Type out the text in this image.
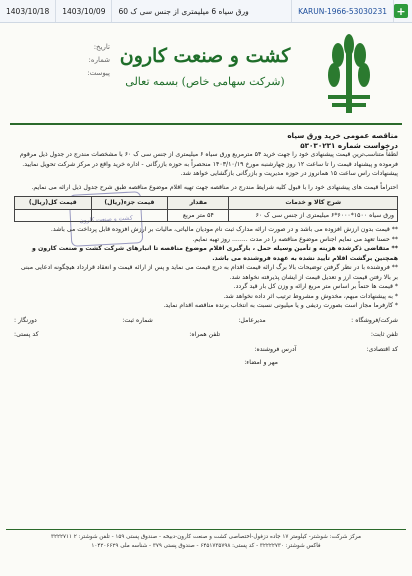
1403/10/18	1403/10/09	ورق سیاه 6 میلیمتری از جنس سی ک 60	KARUN-1966-53030231 +
تاریخ:
شماره:
پیوست:
کشت و صنعت کارون
(شرکت سهامی خاص) بسمه تعالی
کشت و صنعت کارون
مناقصه عمومی خرید ورق سیاه
درخواست شماره ۵۳۰۳۰۲۳۱
لطفاً متناسب‌ترین قیمت پیشنهادی خود را جهت خرید ۵۴ مترمربع ورق سیاه ۶ میلیمتری از جنس سی ک ۶۰ با مشخصات مندرج در جدول ذیل مرقوم فرموده و پیشنهاد قیمت را تا ساعت ۱۲ روز چهارشنبه مورخ ۱۴۰۳/۱۰/۱۹ منحصراً به حوزه بازرگانی - اداره خرید واقع در مرکز شرکت تحویل نمایید. پیشنهادات راس ساعت ۱۵ همانروز در حوزه مدیریت و بازرگانی بازگشایی خواهد شد.
احتراماً قیمت های پیشنهادی خود را با قبول کلیه شرایط مندرج در مناقصه جهت تهیه اقلام موضوع مناقصه طبق شرح جدول ذیل ارائه می نمایم.
شرح کالا و خدمات	مقدار	قیمت جزء(ریال)	قیمت کل(ریال)
ورق سیاه ۱۵۰۰*۶۰۰۰*۶ میلیمتری از جنس سی ک ۶۰	۵۴ متر مربع		
** قیمت بدون ارزش افزوده می باشد و در صورت ارائه مدارک ثبت نام مودیان مالیاتی، مالیات بر ارزش افزوده قابل پرداخت می باشد.
** حسنا تعهد می نمایم اجناس موضوع مناقصه را در مدت ........ روز تهیه نمایم.
** متقاضی ذکرشده هزینه و تأمین وسیله حمل ، بارگیری اقلام موضوع مناقصه تا انبارهای شرکت کشت و صنعت کارون و همچنین برگشت اقلام تأیید نشده به عهده فروشنده می باشد.
** فروشنده با در نظر گرفتن توضیحات بالا برگ ارائه قیمت اقدام به درج قیمت می نماید و پس از ارائه قیمت و انعقاد قرارداد هیچگونه ادعایی مبنی بر بالا رفتن قیمت ارز و تعدیل قیمت از ایشان پذیرفته نخواهد شد.
* قیمت ها حتماً بر اساس متر مربع ارائه و وزن کل بار قید گردد.
* به پیشنهادات مبهم، مخدوش و مشروط ترتیب اثر داده نخواهد شد.
* کارفرما مجاز است بصورت ردیفی و یا میلیونی نسبت به انتخاب برنده مناقصه اقدام نماید.
شرکت/فروشگاه :
مدیرعامل:
شماره ثبت:
دورنگار :
تلفن ثابت:
تلفن همراه:
کد پستی:
کد اقتصادی:
آدرس فروشنده:
مهر و امضاء:
مرکز شرکت: شوشتر- کیلومتر ۱۷ جاده دزفول-اختصاصی کشت و صنعت کارون-دبیخه - صندوق پستی ۱۵۹ - تلفن شوشتر: ۲ ۳۲۲۲۷۱۱
فاکس شوشتر: ۳۲۲۲۲۷۳۰ - کد پستی: ۶۴۵۱۷۳۵۷۹۸ - صندوق پستی ۳۷۹ - شناسه ملی ۱۰۴۲۰۶۶۲۹
